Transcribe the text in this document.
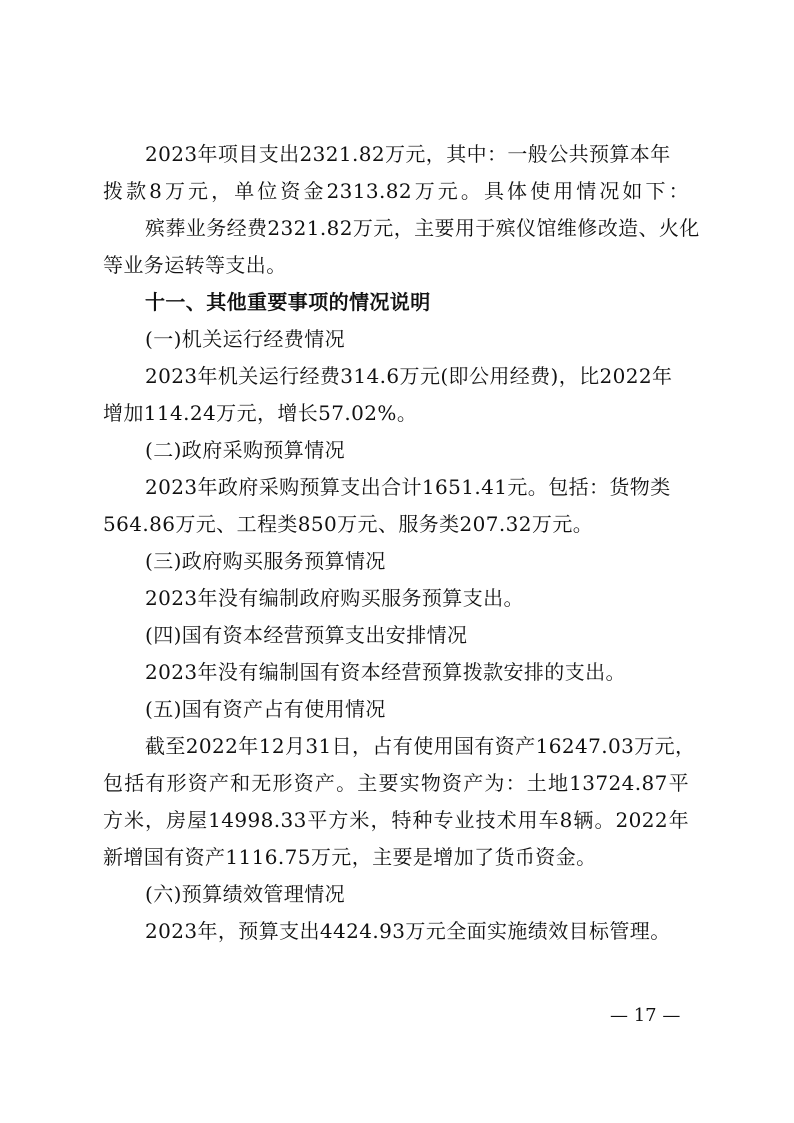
2023年项目支出2321.82万元，其中：一般公共预算本年
拨款8万元，单位资金2313.82万元。具体使用情况如下：
殡葬业务经费2321.82万元，主要用于殡仪馆维修改造、火化
等业务运转等支出。
十一、其他重要事项的情况说明
(一)机关运行经费情况
2023年机关运行经费314.6万元(即公用经费)，比2022年
增加114.24万元，增长57.02%。
(二)政府采购预算情况
2023年政府采购预算支出合计1651.41元。包括：货物类
564.86万元、工程类850万元、服务类207.32万元。
(三)政府购买服务预算情况
2023年没有编制政府购买服务预算支出。
(四)国有资本经营预算支出安排情况
2023年没有编制国有资本经营预算拨款安排的支出。
(五)国有资产占有使用情况
截至2022年12月31日，占有使用国有资产16247.03万元，
包括有形资产和无形资产。主要实物资产为：土地13724.87平
方米，房屋14998.33平方米，特种专业技术用车8辆。2022年
新增国有资产1116.75万元，主要是增加了货币资金。
(六)预算绩效管理情况
2023年，预算支出4424.93万元全面实施绩效目标管理。
— 17 —
